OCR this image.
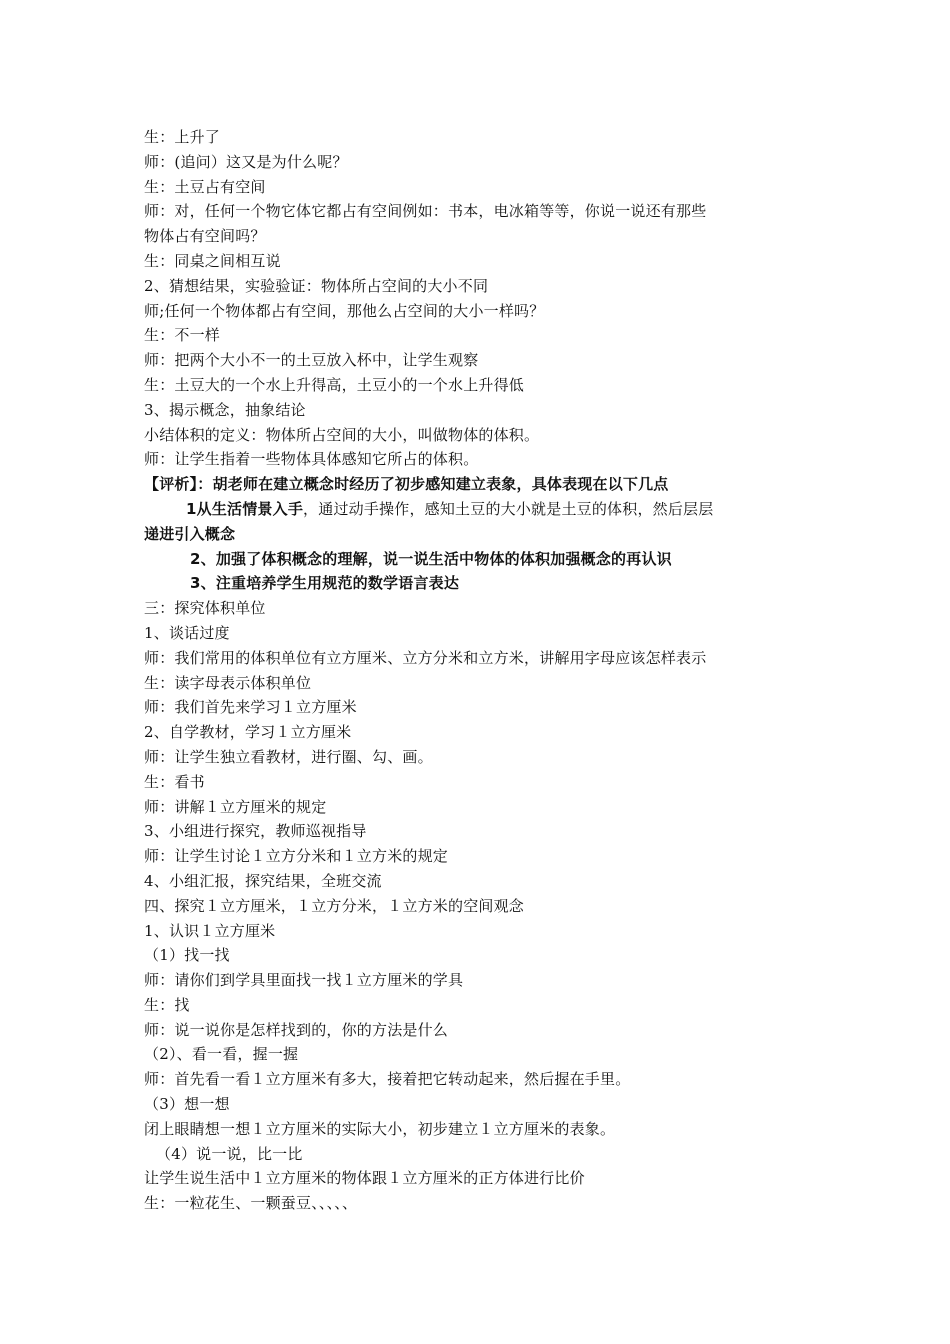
生：上升了
师：(追问）这又是为什么呢？
生：土豆占有空间
师：对，任何一个物它体它都占有空间例如：书本，电冰箱等等，你说一说还有那些
物体占有空间吗？
生：同桌之间相互说
2、猜想结果，实验验证：物体所占空间的大小不同
师;任何一个物体都占有空间，那他么占空间的大小一样吗？
生：不一样
师：把两个大小不一的土豆放入杯中，让学生观察
生：土豆大的一个水上升得高，土豆小的一个水上升得低
3、揭示概念，抽象结论
小结体积的定义：物体所占空间的大小，叫做物体的体积。
师：让学生指着一些物体具体感知它所占的体积。
【评析】：胡老师在建立概念时经历了初步感知建立表象，具体表现在以下几点
1从生活情景入手，通过动手操作，感知土豆的大小就是土豆的体积，然后层层
递进引入概念
2、加强了体积概念的理解，说一说生活中物体的体积加强概念的再认识
3、注重培养学生用规范的数学语言表达
三：探究体积单位
1、谈话过度
师：我们常用的体积单位有立方厘米、立方分米和立方米，讲解用字母应该怎样表示
生：读字母表示体积单位
师：我们首先来学习１立方厘米
2、自学教材，学习１立方厘米
师：让学生独立看教材，进行圈、勾、画。
生：看书
师：讲解１立方厘米的规定
3、小组进行探究，教师巡视指导
师：让学生讨论１立方分米和１立方米的规定
4、小组汇报，探究结果，全班交流
四、探究１立方厘米，１立方分米，１立方米的空间观念
1、认识１立方厘米
（1）找一找
师：请你们到学具里面找一找１立方厘米的学具
生：找
师：说一说你是怎样找到的，你的方法是什么
（2）、看一看，握一握
师：首先看一看１立方厘米有多大，接着把它转动起来，然后握在手里。
（3）想一想
闭上眼睛想一想１立方厘米的实际大小，初步建立１立方厘米的表象。
（4）说一说，比一比
让学生说生活中１立方厘米的物体跟１立方厘米的正方体进行比价
生：一粒花生、一颗蚕豆、、、、、
